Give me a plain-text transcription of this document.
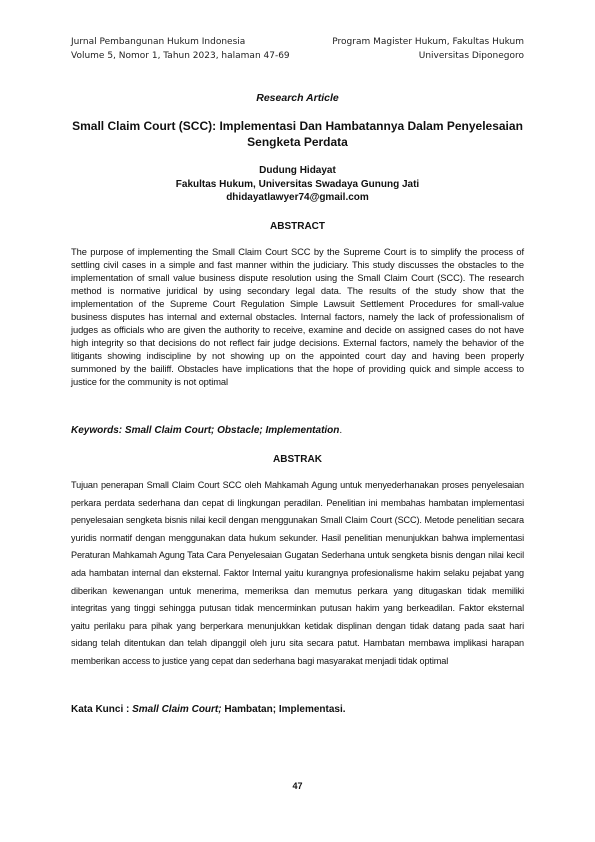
Jurnal Pembangunan Hukum Indonesia
Volume 5, Nomor 1, Tahun 2023, halaman 47-69
Program Magister Hukum, Fakultas Hukum
Universitas Diponegoro
Research Article
Small Claim Court (SCC): Implementasi Dan Hambatannya Dalam Penyelesaian Sengketa Perdata
Dudung Hidayat
Fakultas Hukum, Universitas Swadaya Gunung Jati
dhidayatlawyer74@gmail.com
ABSTRACT
The purpose of implementing the Small Claim Court SCC by the Supreme Court is to simplify the process of settling civil cases in a simple and fast manner within the judiciary. This study discusses the obstacles to the implementation of small value business dispute resolution using the Small Claim Court (SCC). The research method is normative juridical by using secondary legal data. The results of the study show that the implementation of the Supreme Court Regulation Simple Lawsuit Settlement Procedures for small-value business disputes has internal and external obstacles. Internal factors, namely the lack of professionalism of judges as officials who are given the authority to receive, examine and decide on assigned cases do not have high integrity so that decisions do not reflect fair judge decisions. External factors, namely the behavior of the litigants showing indiscipline by not showing up on the appointed court day and having been properly summoned by the bailiff. Obstacles have implications that the hope of providing quick and simple access to justice for the community is not optimal
Keywords: Small Claim Court; Obstacle; Implementation.
ABSTRAK
Tujuan penerapan Small Claim Court SCC oleh Mahkamah Agung untuk menyederhanakan proses penyelesaian perkara perdata sederhana dan cepat di lingkungan peradilan. Penelitian ini membahas hambatan implementasi penyelesaian sengketa bisnis nilai kecil dengan menggunakan Small Claim Court (SCC). Metode penelitian secara yuridis normatif dengan menggunakan data hukum sekunder. Hasil penelitian menunjukkan bahwa implementasi Peraturan Mahkamah Agung Tata Cara Penyelesaian Gugatan Sederhana untuk sengketa bisnis dengan nilai kecil ada hambatan internal dan eksternal. Faktor Internal yaitu kurangnya profesionalisme hakim selaku pejabat yang diberikan kewenangan untuk menerima, memeriksa dan memutus perkara yang ditugaskan tidak memiliki integritas yang tinggi sehingga putusan tidak mencerminkan putusan hakim yang berkeadilan. Faktor eksternal yaitu perilaku para pihak yang berperkara menunjukkan ketidak displinan dengan tidak datang pada saat hari sidang telah ditentukan dan telah dipanggil oleh juru sita secara patut. Hambatan membawa implikasi harapan memberikan access to justice yang cepat dan sederhana bagi masyarakat menjadi tidak optimal
Kata Kunci : Small Claim Court; Hambatan; Implementasi.
47
